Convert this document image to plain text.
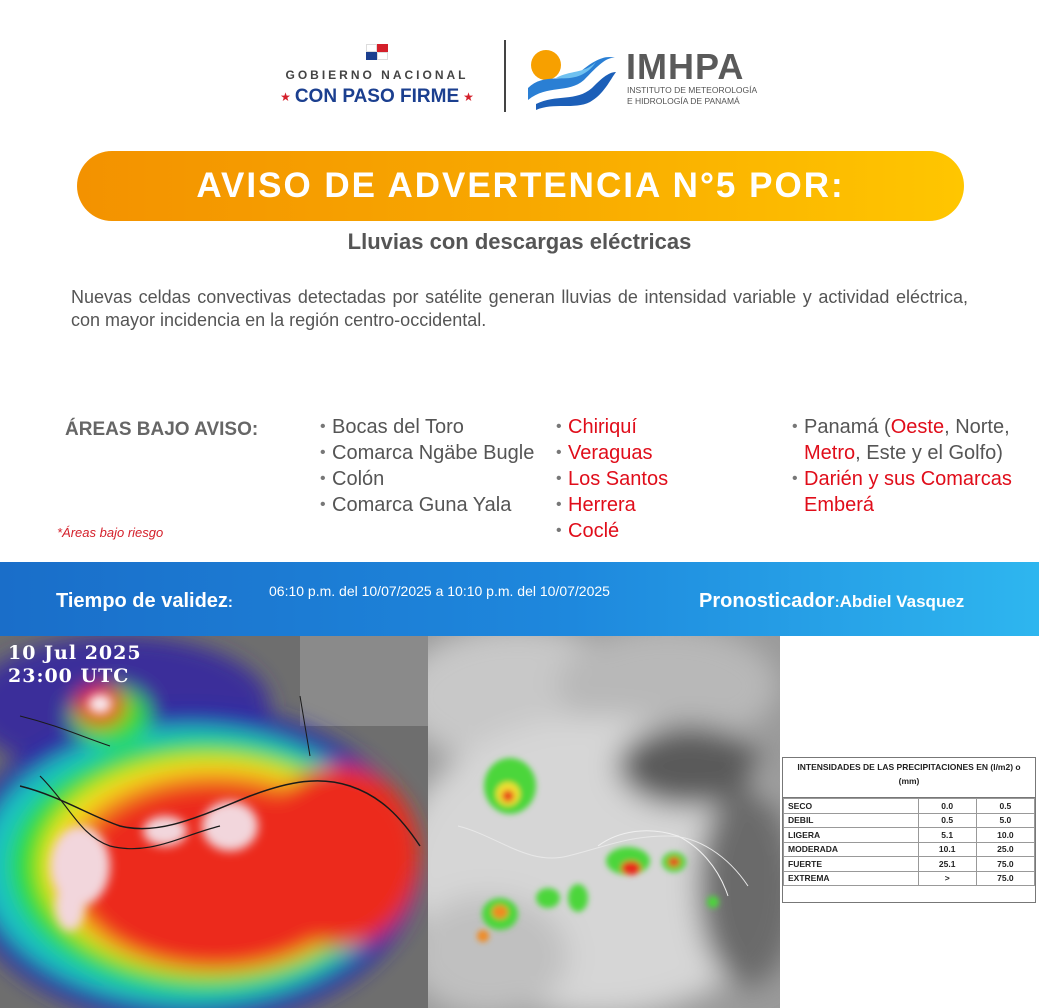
GOBIERNO NACIONAL
★ CON PASO FIRME ★
IMHPA
INSTITUTO DE METEOROLOGÍA
E HIDROLOGÍA DE PANAMÁ
AVISO DE ADVERTENCIA N°5 POR:
Lluvias con descargas eléctricas

Nuevas celdas convectivas detectadas por satélite generan lluvias de intensidad variable y actividad eléctrica, con mayor incidencia en la región centro-occidental.

ÁREAS BAJO AVISO:
*Áreas bajo riesgo
• Bocas del Toro
• Comarca Ngäbe Bugle
• Colón
• Comarca Guna Yala
• Chiriquí
• Veraguas
• Los Santos
• Herrera
• Coclé
• Panamá (Oeste, Norte, Metro, Este y el Golfo)
• Darién y sus Comarcas Emberá
Tiempo de validez:
06:10 p.m. del 10/07/2025 a 10:10 p.m. del 10/07/2025	Pronosticador:Abdiel Vasquez
10 Jul 2025
23:00 UTC
INTENSIDADES DE LAS PRECIPITACIONES EN (l/m2) o (mm)
SECO	0.0	0.5
DEBIL	0.5	5.0
LIGERA	5.1	10.0
MODERADA	10.1	25.0
FUERTE	25.1	75.0
EXTREMA	>	75.0
